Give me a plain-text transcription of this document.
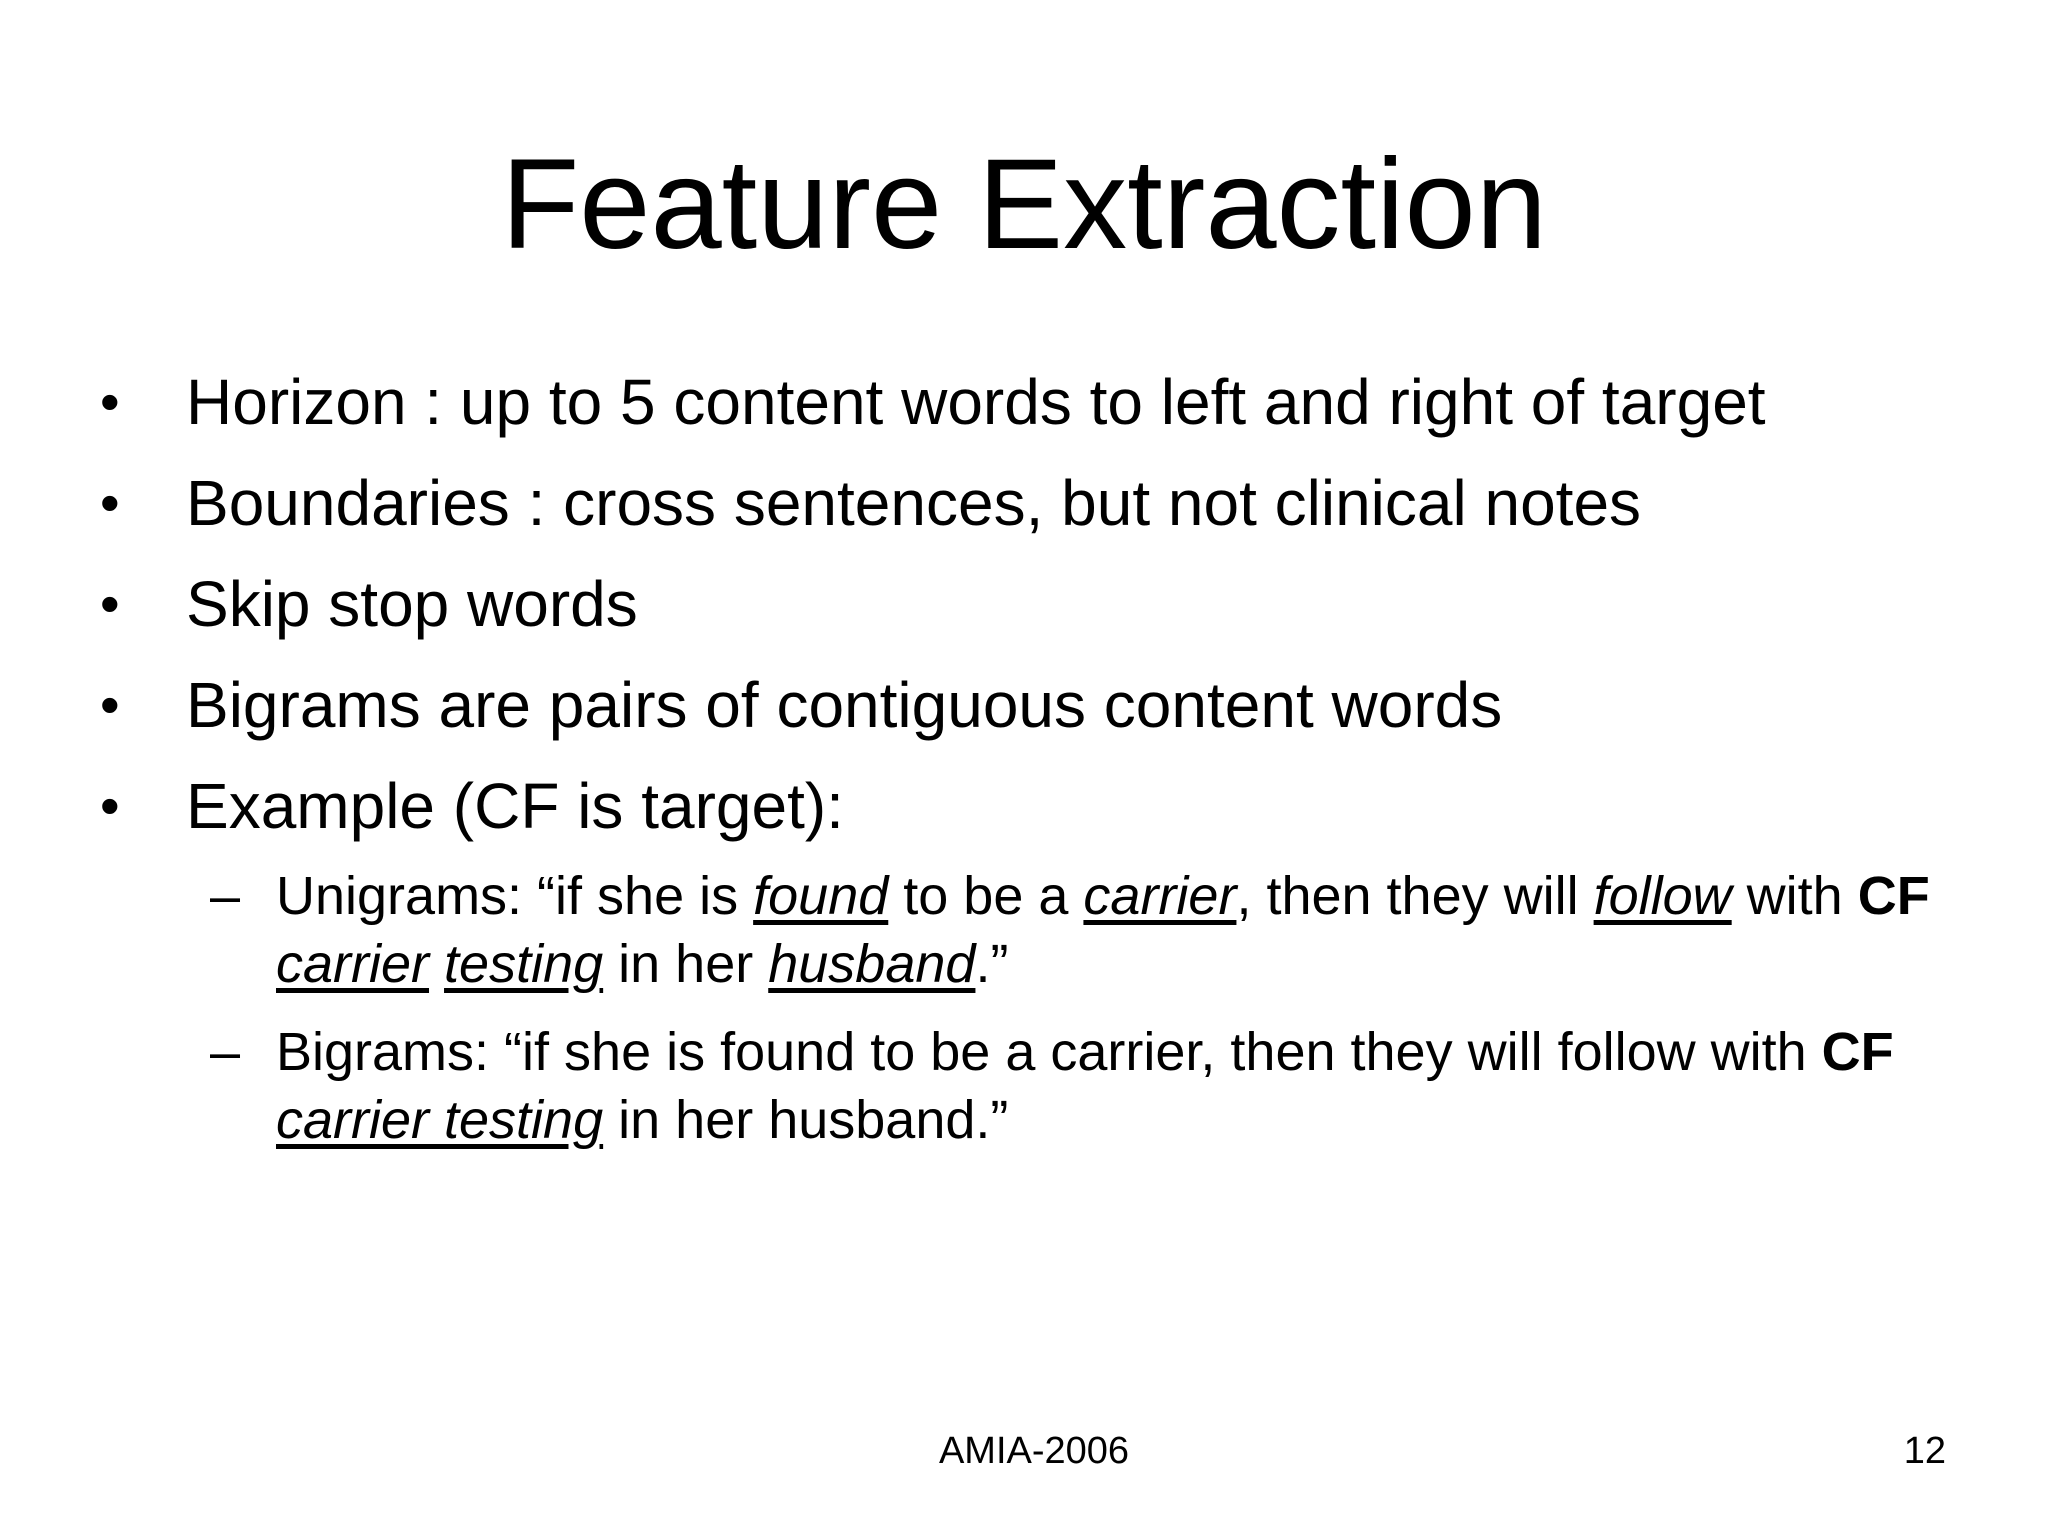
Feature Extraction
•	Horizon : up to 5 content words to left and right of target
•	Boundaries : cross sentences, but not clinical notes
•	Skip stop words
•	Bigrams are pairs of contiguous content words
•	Example (CF is target):
– Unigrams: “if she is found to be a carrier, then they will follow with CF carrier testing in her husband.”
– Bigrams: “if she is found to be a carrier, then they will follow with CF carrier testing in her husband.”
AMIA-2006	12
